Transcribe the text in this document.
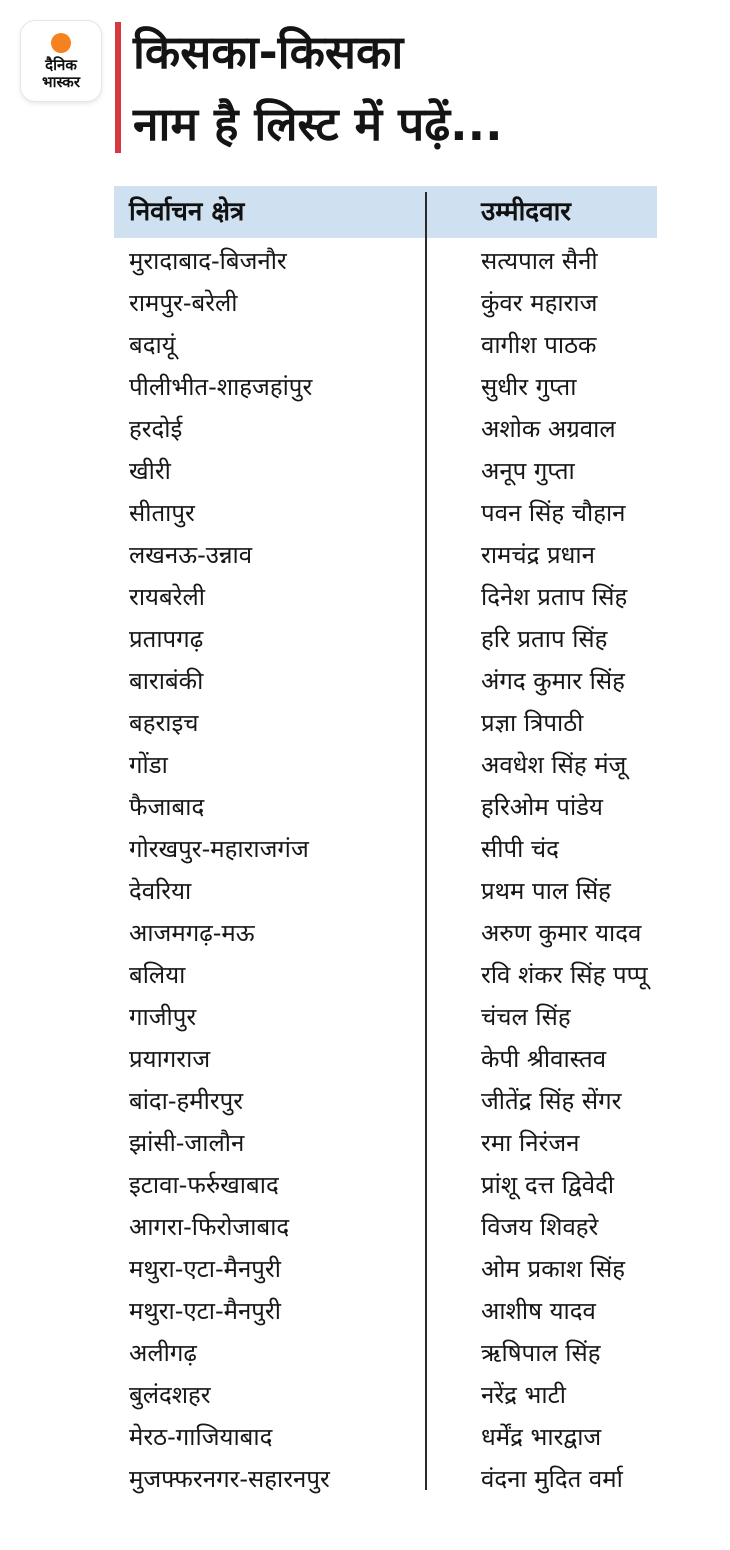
दैनिक
भास्कर
किसका-किसका
नाम है लिस्ट में पढ़ें...
निर्वाचन क्षेत्र	उम्मीदवार
मुरादाबाद-बिजनौर	सत्यपाल सैनी
रामपुर-बरेली	कुंवर महाराज
बदायूं	वागीश पाठक
पीलीभीत-शाहजहांपुर	सुधीर गुप्ता
हरदोई	अशोक अग्रवाल
खीरी	अनूप गुप्ता
सीतापुर	पवन सिंह चौहान
लखनऊ-उन्नाव	रामचंद्र प्रधान
रायबरेली	दिनेश प्रताप सिंह
प्रतापगढ़	हरि प्रताप सिंह
बाराबंकी	अंगद कुमार सिंह
बहराइच	प्रज्ञा त्रिपाठी
गोंडा	अवधेश सिंह मंजू
फैजाबाद	हरिओम पांडेय
गोरखपुर-महाराजगंज	सीपी चंद
देवरिया	प्रथम पाल सिंह
आजमगढ़-मऊ	अरुण कुमार यादव
बलिया	रवि शंकर सिंह पप्पू
गाजीपुर	चंचल सिंह
प्रयागराज	केपी श्रीवास्तव
बांदा-हमीरपुर	जीतेंद्र सिंह सेंगर
झांसी-जालौन	रमा निरंजन
इटावा-फर्रुखाबाद	प्रांशू दत्त द्विवेदी
आगरा-फिरोजाबाद	विजय शिवहरे
मथुरा-एटा-मैनपुरी	ओम प्रकाश सिंह
मथुरा-एटा-मैनपुरी	आशीष यादव
अलीगढ़	ऋषिपाल सिंह
बुलंदशहर	नरेंद्र भाटी
मेरठ-गाजियाबाद	धर्मेंद्र भारद्वाज
मुजफ्फरनगर-सहारनपुर	वंदना मुदित वर्मा
